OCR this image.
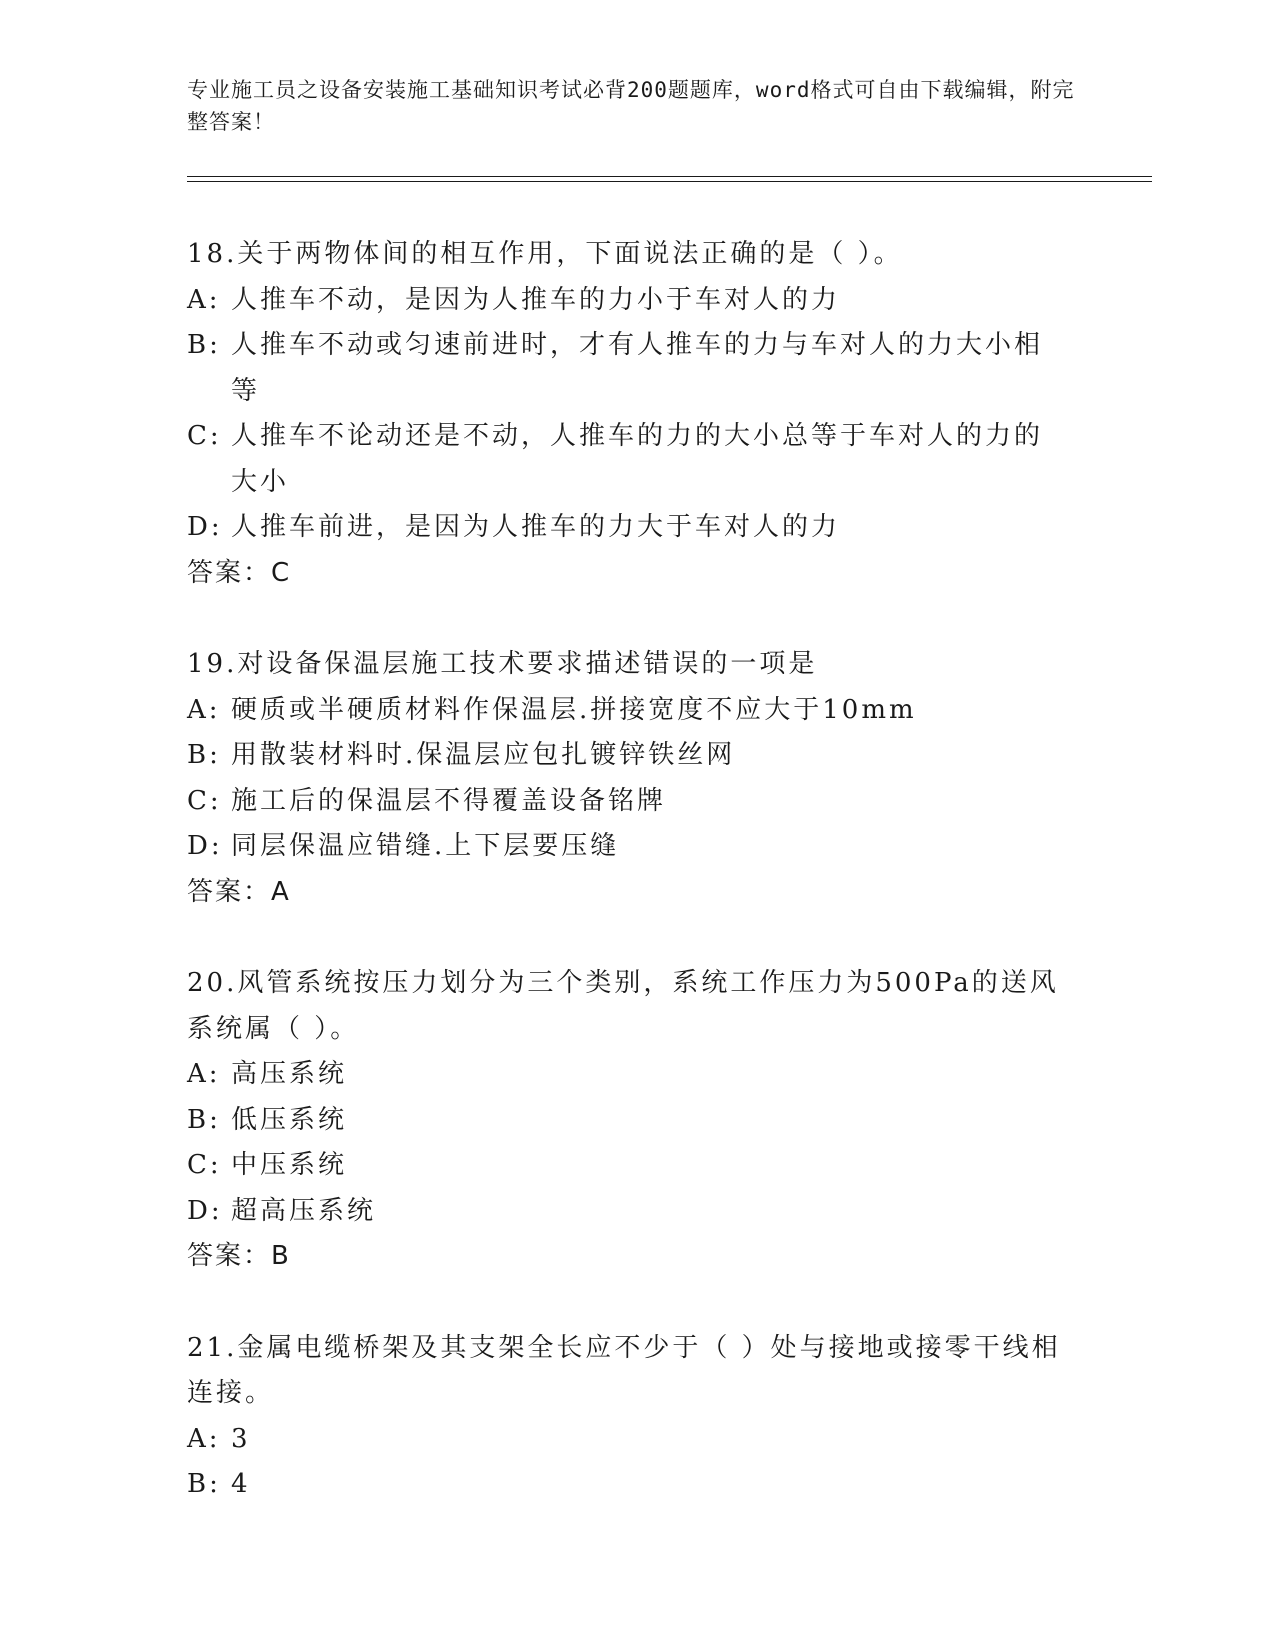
专业施工员之设备安装施工基础知识考试必背200题题库，word格式可自由下载编辑，附完整答案！

18.关于两物体间的相互作用，下面说法正确的是（ ）。

A: 人推车不动，是因为人推车的力小于车对人的力
B: 人推车不动或匀速前进时，才有人推车的力与车对人的力大小相等
C: 人推车不论动还是不动，人推车的力的大小总等于车对人的力的大小
D: 人推车前进，是因为人推车的力大于车对人的力

答案：C

19.对设备保温层施工技术要求描述错误的一项是

A: 硬质或半硬质材料作保温层.拼接宽度不应大于10mm
B: 用散装材料时.保温层应包扎镀锌铁丝网
C: 施工后的保温层不得覆盖设备铭牌
D: 同层保温应错缝.上下层要压缝

答案：A

20.风管系统按压力划分为三个类别，系统工作压力为500Pa的送风系统属（ ）。

A: 高压系统
B: 低压系统
C: 中压系统
D: 超高压系统

答案：B

21.金属电缆桥架及其支架全长应不少于（ ）处与接地或接零干线相连接。

A: 3
B: 4
